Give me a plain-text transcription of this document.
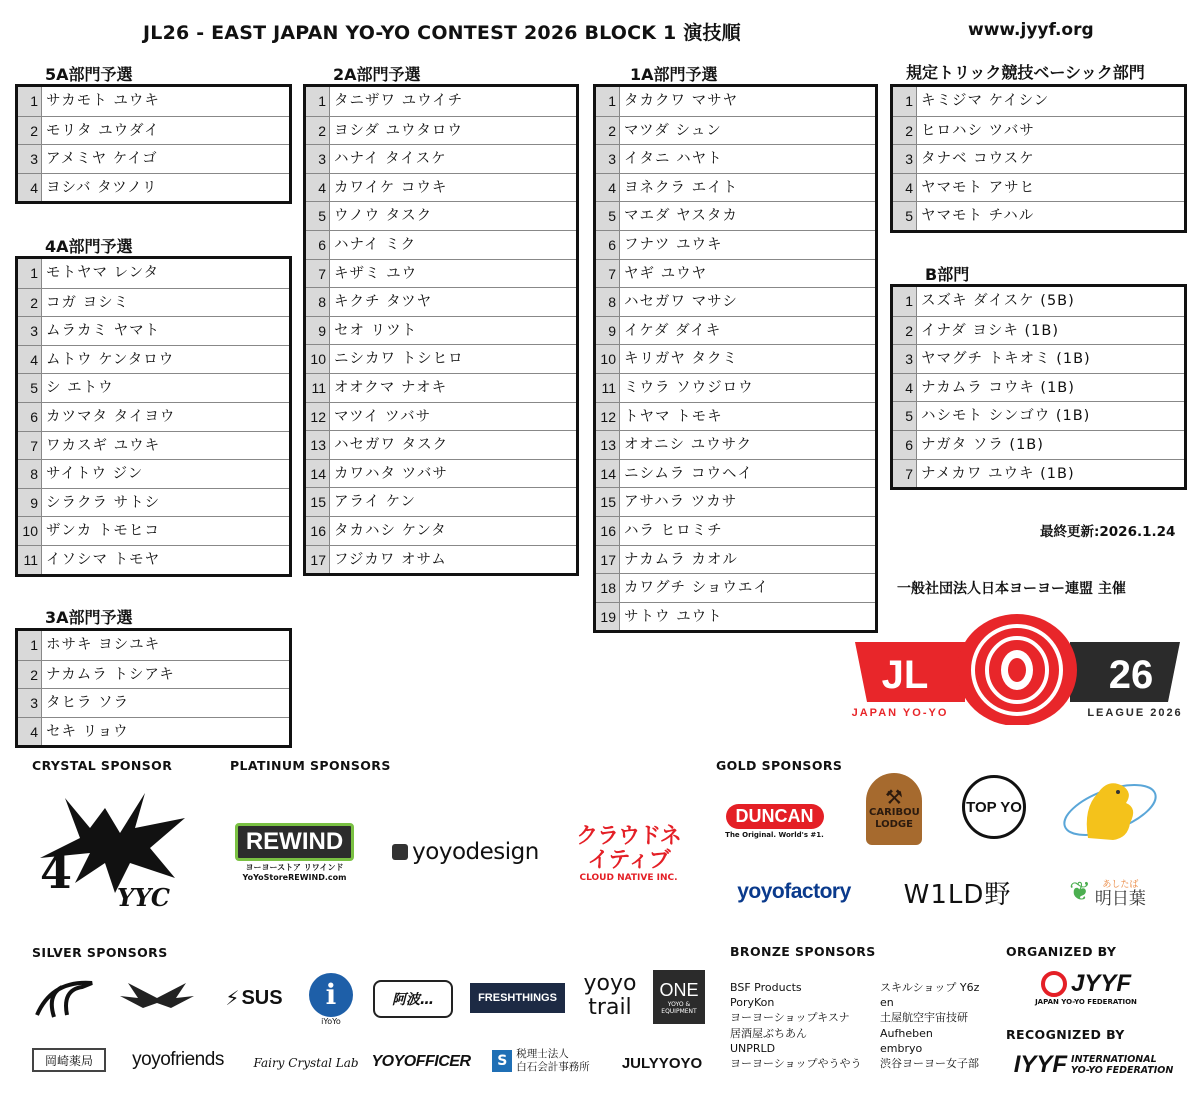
JL26 - EAST JAPAN YO-YO CONTEST 2026 BLOCK 1 演技順	www.jyyf.org
5A部門予選
4A部門予選
3A部門予選
2A部門予選	1A部門予選	規定トリック競技ベーシック部門
B部門
1 サカモト ユウキ
2 モリタ ユウダイ
3 アメミヤ ケイゴ
4 ヨシバ タツノリ
1 モトヤマ レンタ
2 コガ ヨシミ
3 ムラカミ ヤマト
4 ムトウ ケンタロウ
5 シ エトウ
6 カツマタ タイヨウ
7 ワカスギ ユウキ
8 サイトウ ジン
9 シラクラ サトシ
10 ザンカ トモヒコ
11 イソシマ トモヤ
1 ホサキ ヨシユキ
2 ナカムラ トシアキ
3 タヒラ ソラ
4 セキ リョウ
1 タニザワ ユウイチ
2 ヨシダ ユウタロウ
3 ハナイ タイスケ
4 カワイケ コウキ
5 ウノウ タスク
6 ハナイ ミク
7 キザミ ユウ
8 キクチ タツヤ
9 セオ リツト
10 ニシカワ トシヒロ
11 オオクマ ナオキ
12 マツイ ツバサ
13 ハセガワ タスク
14 カワハタ ツバサ
15 アライ ケン
16 タカハシ ケンタ
17 フジカワ オサム
1 タカクワ マサヤ
2 マツダ シュン
3 イタニ ハヤト
4 ヨネクラ エイト
5 マエダ ヤスタカ
6 フナツ ユウキ
7 ヤギ ユウヤ
8 ハセガワ マサシ
9 イケダ ダイキ
10 キリガヤ タクミ
11 ミウラ ソウジロウ
12 トヤマ トモキ
13 オオニシ ユウサク
14 ニシムラ コウヘイ
15 アサハラ ツカサ
16 ハラ ヒロミチ
17 ナカムラ カオル
18 カワグチ ショウエイ
19 サトウ ユウト
1 キミジマ ケイシン
2 ヒロハシ ツバサ
3 タナベ コウスケ
4 ヤマモト アサヒ
5 ヤマモト チハル
1 スズキ ダイスケ (5B)
2 イナダ ヨシキ (1B)
3 ヤマグチ トキオミ (1B)
4 ナカムラ コウキ (1B)
5 ハシモト シンゴウ (1B)
6 ナガタ ソラ (1B)
7 ナメカワ ユウキ (1B)
最終更新:2026.1.24
一般社団法人日本ヨーヨー連盟 主催
JL	26
JAPAN YO-YO	LEAGUE 2026
CRYSTAL SPONSOR	PLATINUM SPONSORS	GOLD SPONSORS
SILVER SPONSORS	BRONZE SPONSORS	ORGANIZED BY
RECOGNIZED BY
4 YYC
REWIND
ヨーヨーストア リワインド
YoYoStoreREWIND.com
yoyodesign
クラウドネイティブ
CLOUD NATIVE INC.
DUNCAN
The Original. World's #1.
⚒
CARIBOU LODGE
TOP YO
yoyofactory W1LD野 ❦	あしたば
明日葉
⚡ SUS	i
iYoYo
阿波…	FRESHTHINGS
yoyo
trail
ONE
YOYO & EQUIPMENT
岡崎薬局 yoyofriends Fairy Crystal Lab YOYOFFICER	S 税理士法人
白石会計事務所 JULYYOYO
BSF Products
PoryKon
ヨーヨーショップキスナ
居酒屋ぶちあん
UNPRLD
ヨーヨーショップやうやう
スキルショップ Y6z
en
土屋航空宇宙技研
Aufheben
embryo
渋谷ヨーヨー女子部
JYYF
JAPAN YO-YO FEDERATION
IYYF INTERNATIONAL
YO-YO FEDERATION
